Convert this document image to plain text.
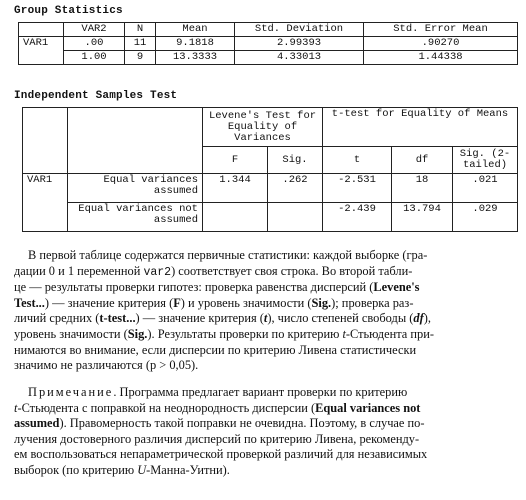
Group Statistics
	VAR2	N	Mean	Std. Deviation	Std. Error Mean
VAR1	.00	11	9.1818	2.99393	.90270
	1.00	9	13.3333	4.33013	1.44338
Independent Samples Test
		Levene's Test for Equality of Variances		t-test for Equality of Means		
		F	Sig.	t	df	Sig. (2-tailed)
VAR1	Equal variances assumed	1.344	.262	-2.531	18	.021
	Equal variances not assumed			-2.439	13.794	.029
В первой таблице содержатся первичные статистики: каждой выборке (гра-
дации 0 и 1 переменной var2) соответствует своя строка. Во второй табли-
це — результаты проверки гипотез: проверка равенства дисперсий (Levene's
Test...) — значение критерия (F) и уровень значимости (Sig.); проверка раз-
личий средних (t-test...) — значение критерия (t), число степеней свободы (df),
уровень значимости (Sig.). Результаты проверки по критерию t-Стьюдента при-
нимаются во внимание, если дисперсии по критерию Ливена статистически
значимо не различаются (p > 0,05).
Примечание. Программа предлагает вариант проверки по критерию
t-Стьюдента с поправкой на неоднородность дисперсии (Equal variances not
assumed). Правомерность такой поправки не очевидна. Поэтому, в случае по-
лучения достоверного различия дисперсий по критерию Ливена, рекоменду-
ем воспользоваться непараметрической проверкой различий для независимых
выборок (по критерию U-Манна-Уитни).
